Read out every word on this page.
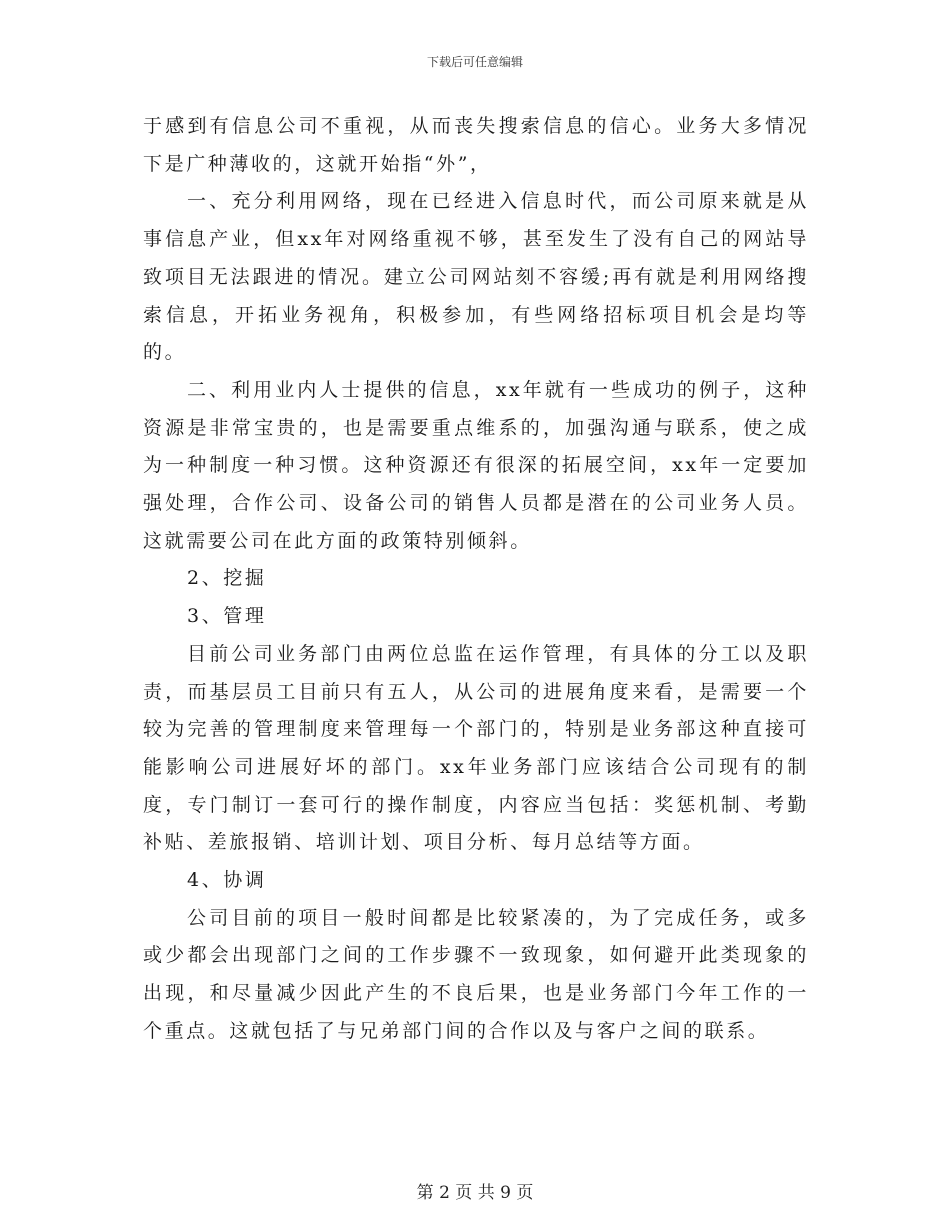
下载后可任意编辑

于感到有信息公司不重视，从而丧失搜索信息的信心。业务大多情况下是广种薄收的，这就开始指“外”，

一、充分利用网络，现在已经进入信息时代，而公司原来就是从事信息产业，但xx年对网络重视不够，甚至发生了没有自己的网站导致项目无法跟进的情况。建立公司网站刻不容缓;再有就是利用网络搜索信息，开拓业务视角，积极参加，有些网络招标项目机会是均等的。

二、利用业内人士提供的信息，xx年就有一些成功的例子，这种资源是非常宝贵的，也是需要重点维系的，加强沟通与联系，使之成为一种制度一种习惯。这种资源还有很深的拓展空间，xx年一定要加强处理，合作公司、设备公司的销售人员都是潜在的公司业务人员。这就需要公司在此方面的政策特别倾斜。

2、挖掘

3、管理

目前公司业务部门由两位总监在运作管理，有具体的分工以及职责，而基层员工目前只有五人，从公司的进展角度来看，是需要一个较为完善的管理制度来管理每一个部门的，特别是业务部这种直接可能影响公司进展好坏的部门。xx年业务部门应该结合公司现有的制度，专门制订一套可行的操作制度，内容应当包括：奖惩机制、考勤补贴、差旅报销、培训计划、项目分析、每月总结等方面。

4、协调

公司目前的项目一般时间都是比较紧凑的，为了完成任务，或多或少都会出现部门之间的工作步骤不一致现象，如何避开此类现象的出现，和尽量减少因此产生的不良后果，也是业务部门今年工作的一个重点。这就包括了与兄弟部门间的合作以及与客户之间的联系。

第 2 页 共 9 页
